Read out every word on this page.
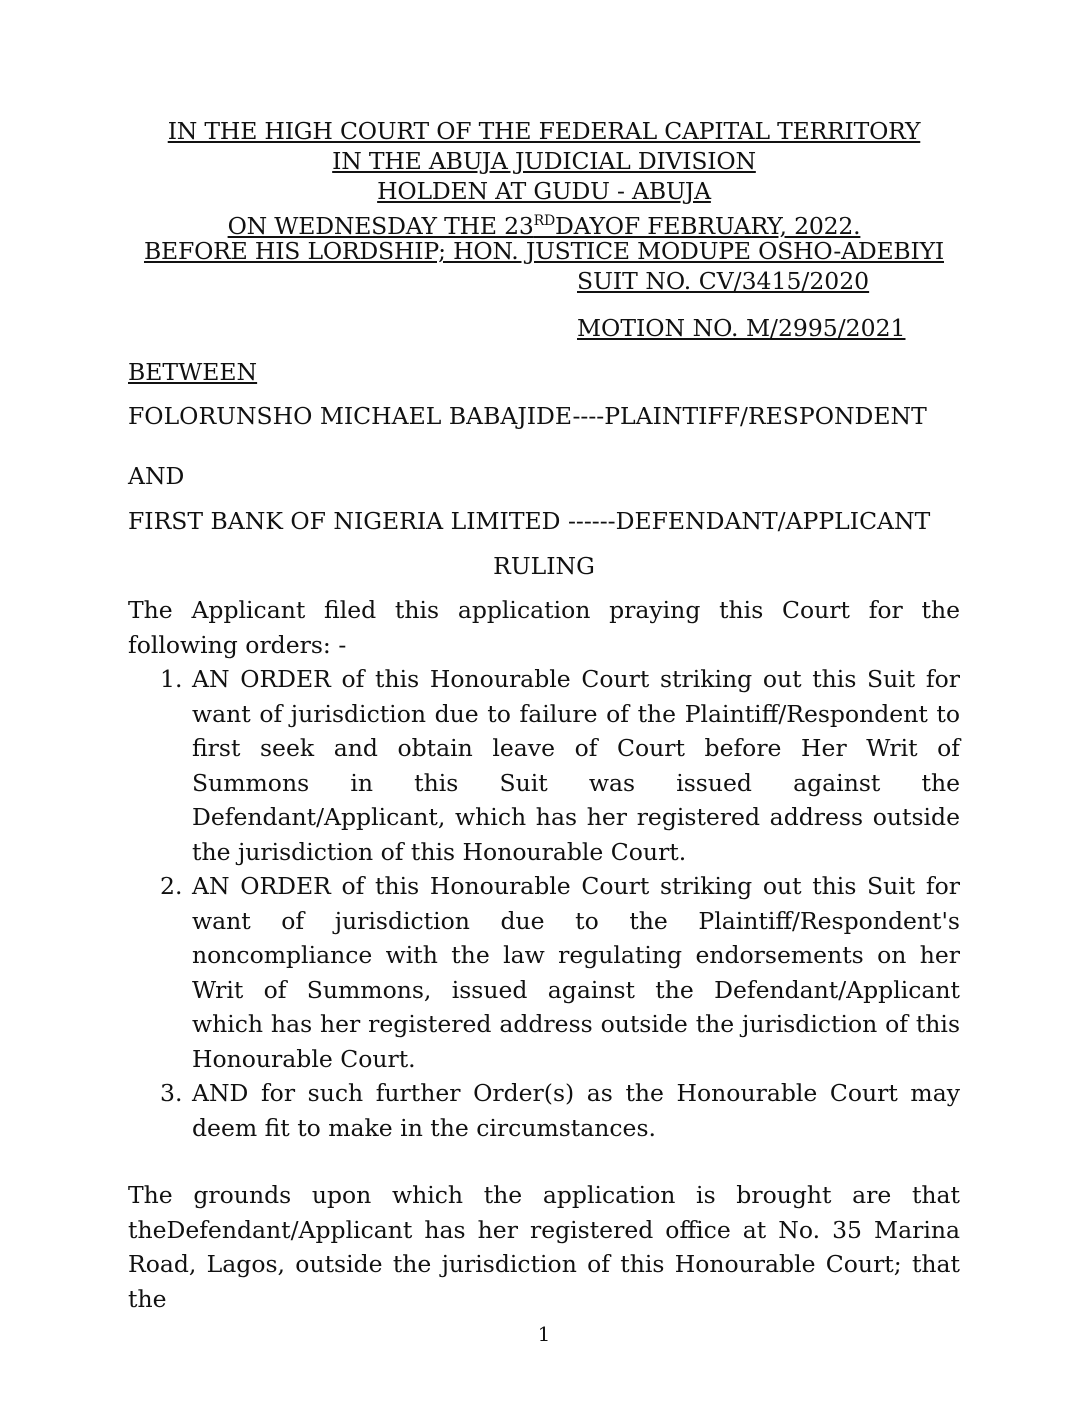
IN THE HIGH COURT OF THE FEDERAL CAPITAL TERRITORY
IN THE ABUJA JUDICIAL DIVISION
HOLDEN AT GUDU - ABUJA
ON WEDNESDAY THE 23RDDAYOF FEBRUARY, 2022.
BEFORE HIS LORDSHIP; HON. JUSTICE MODUPE OSHO-ADEBIYI
SUIT NO. CV/3415/2020
MOTION NO. M/2995/2021
BETWEEN
FOLORUNSHO MICHAEL BABAJIDE----PLAINTIFF/RESPONDENT
AND
FIRST BANK OF NIGERIA LIMITED ------DEFENDANT/APPLICANT
RULING
The Applicant filed this application praying this Court for the following orders: -
1. AN ORDER of this Honourable Court striking out this Suit for want of jurisdiction due to failure of the Plaintiff/Respondent to first seek and obtain leave of Court before Her Writ of Summons in this Suit was issued against the Defendant/Applicant, which has her registered address outside the jurisdiction of this Honourable Court.
2. AN ORDER of this Honourable Court striking out this Suit for want of jurisdiction due to the Plaintiff/Respondent's noncompliance with the law regulating endorsements on her Writ of Summons, issued against the Defendant/Applicant which has her registered address outside the jurisdiction of this Honourable Court.
3. AND for such further Order(s) as the Honourable Court may deem fit to make in the circumstances.
The grounds upon which the application is brought are that theDefendant/Applicant has her registered office at No. 35 Marina Road, Lagos, outside the jurisdiction of this Honourable Court; that the
1
